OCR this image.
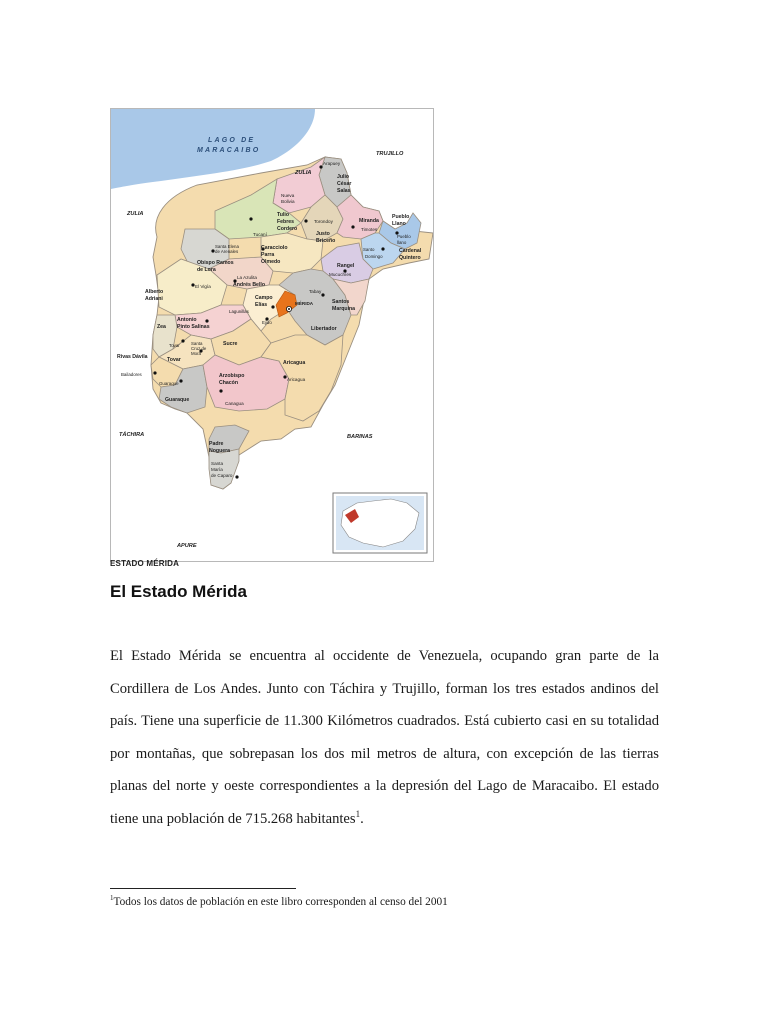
LAGO DE
MARACAIBO
ZULIA
ZULIA
TRUJILLO
TÁCHIRA	BARINAS
APURE
Arapuey
Julio
César
Salas
Nueva
Bolivia
Tulio
Febres
Cordero
Tucaní
Torondoy
Justo
Briceño
Miranda
Timotes
Pueblo
Llano
Pueblo
llano
Santo
Domingo
Cardenal
Quintero
Rangel
Mucuchíes
Caracciolo
Parra
Olmedo
Santa Elena
de Arenales
Obispo Ramos
de Lora
La Azulita
Andrés Bello
El Vigía
Alberto
Adriani	Campo
Elías
Tabay
MÉRIDA	Santos
Marquina
Lagunillas
Ejido
Libertador
Antonio
Pinto Salinas
Zea
Tovar	Santa
Cruz de
Mora
Tovar
Sucre
Rivas Dávila
Bailadores
Guaraque
Guaraque
Arzobispo
Chacón
Canagua
Aricagua
Aricagua
Padre
Noguera
Santa
María
de Caparo
ESTADO MÉRIDA
El Estado Mérida

El Estado Mérida se encuentra al occidente de Venezuela, ocupando gran parte de la Cordillera de Los Andes. Junto con Táchira y Trujillo, forman los tres estados andinos del país. Tiene una superficie de 11.300 Kilómetros cuadrados. Está cubierto casi en su totalidad por montañas, que sobrepasan los dos mil metros de altura, con excepción de las tierras planas del norte y oeste correspondientes a la depresión del Lago de Maracaibo. El estado tiene una población de 715.268 habitantes$^1$.

$^1$Todos los datos de población en este libro corresponden al censo del 2001
